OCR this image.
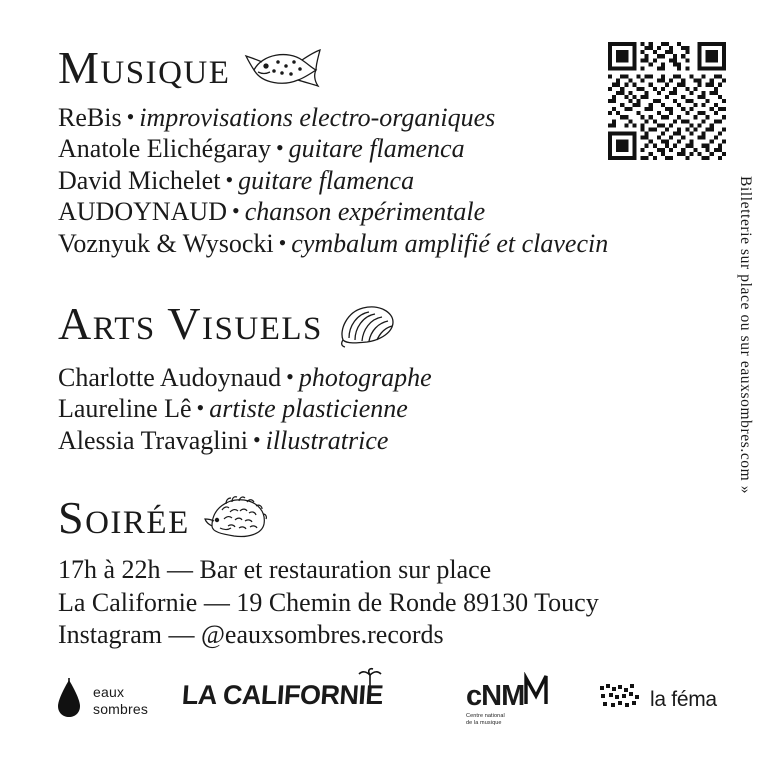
Billetterie sur place ou sur eauxsombres.com »
MUSIQUE
ReBis • improvisations electro-organiques
Anatole Elichégaray • guitare flamenca
David Michelet • guitare flamenca
AUDOYNAUD • chanson expérimentale
Voznyuk & Wysocki • cymbalum amplifié et clavecin
ARTS VISUELS
Charlotte Audoynaud • photographe
Laureline Lê • artiste plasticienne
Alessia Travaglini • illustratrice
SOIRÉE
17h à 22h — Bar et restauration sur place
La Californie — 19 Chemin de Ronde 89130 Toucy
Instagram — @eauxsombres.records
eaux
sombres LA CALIFORNIE	cNM
Centre national
de la musique
la féma
